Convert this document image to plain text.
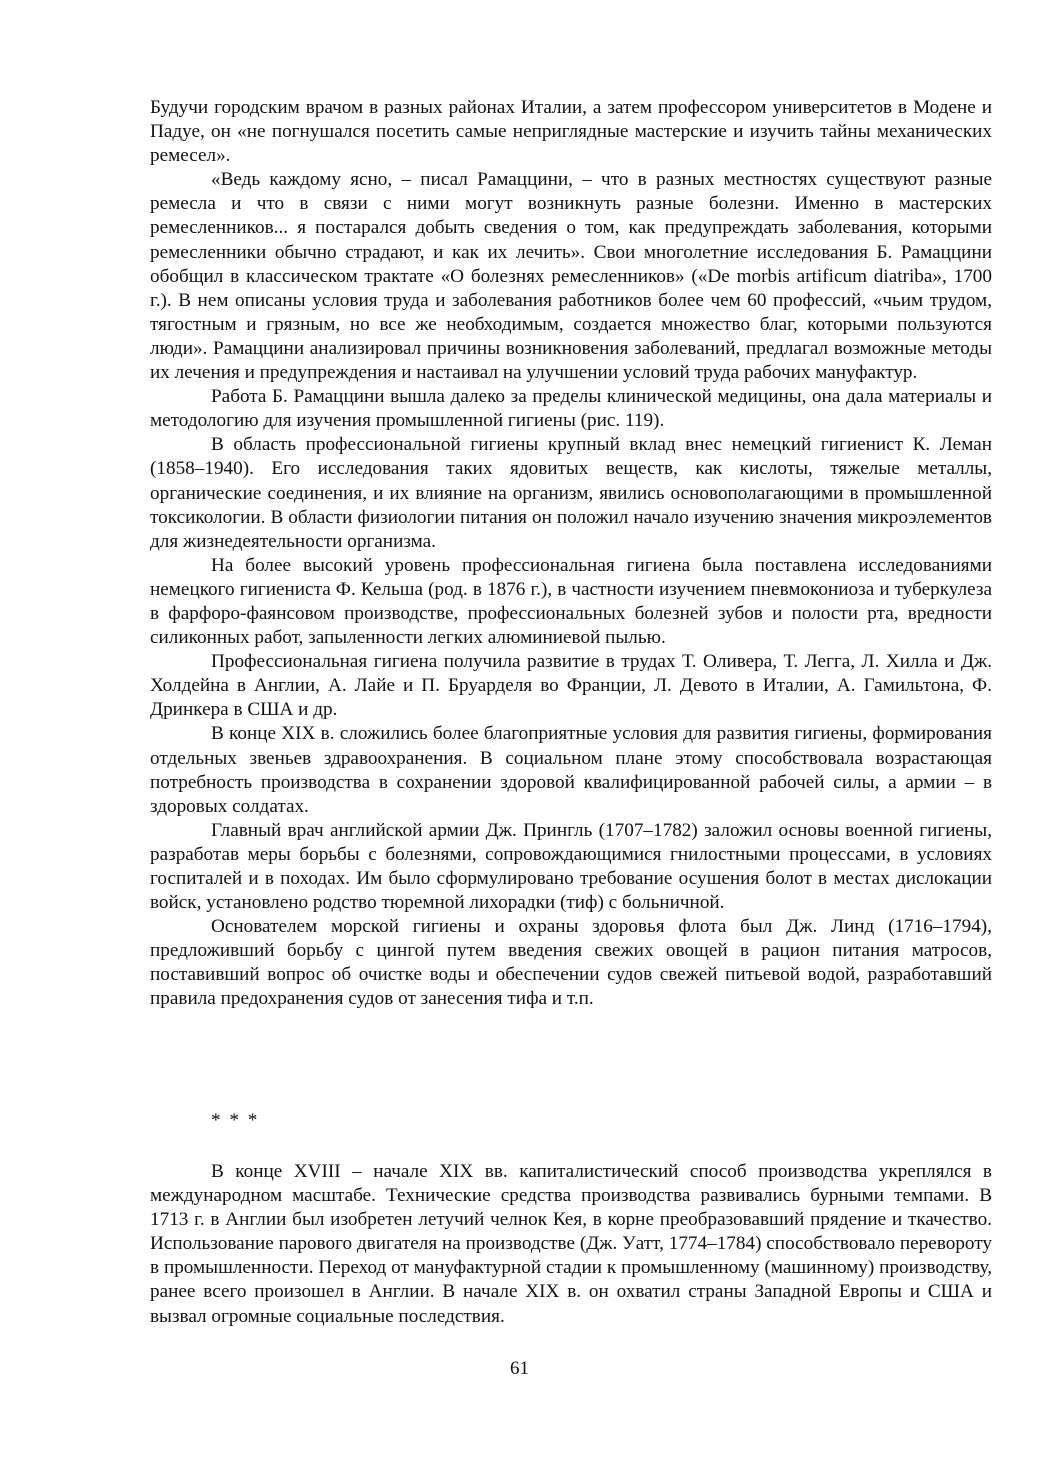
Будучи городским врачом в разных районах Италии, а затем профессором университетов в Модене и Падуе, он «не погнушался посетить самые неприглядные мастерские и изучить тайны механических ремесел».

«Ведь каждому ясно, – писал Рамаццини, – что в разных местностях существуют разные ремесла и что в связи с ними могут возникнуть разные болезни. Именно в мастерских ремесленников... я постарался добыть сведения о том, как предупреждать заболевания, которыми ремесленники обычно страдают, и как их лечить». Свои многолетние исследования Б. Рамаццини обобщил в классическом трактате «О болезнях ремесленников» («De morbis artificum diatriba», 1700 г.). В нем описаны условия труда и заболевания работников более чем 60 профессий, «чьим трудом, тягостным и грязным, но все же необходимым, создается множество благ, которыми пользуются люди». Рамаццини анализировал причины возникновения заболеваний, предлагал возможные методы их лечения и предупреждения и настаивал на улучшении условий труда рабочих мануфактур.

Работа Б. Рамаццини вышла далеко за пределы клинической медицины, она дала материалы и методологию для изучения промышленной гигиены (рис. 119).

В область профессиональной гигиены крупный вклад внес немецкий гигиенист К. Леман (1858–1940). Его исследования таких ядовитых веществ, как кислоты, тяжелые металлы, органические соединения, и их влияние на организм, явились основополагающими в промышленной токсикологии. В области физиологии питания он положил начало изучению значения микроэлементов для жизнедеятельности организма.

На более высокий уровень профессиональная гигиена была поставлена исследованиями немецкого гигиениста Ф. Кельша (род. в 1876 г.), в частности изучением пневмокониоза и туберкулеза в фарфоро-фаянсовом производстве, профессиональных болезней зубов и полости рта, вредности силиконных работ, запыленности легких алюминиевой пылью.

Профессиональная гигиена получила развитие в трудах Т. Оливера, Т. Легга, Л. Хилла и Дж. Холдейна в Англии, А. Лайе и П. Бруарделя во Франции, Л. Девото в Италии, А. Гамильтона, Ф. Дринкера в США и др.

В конце XIX в. сложились более благоприятные условия для развития гигиены, формирования отдельных звеньев здравоохранения. В социальном плане этому способствовала возрастающая потребность производства в сохранении здоровой квалифицированной рабочей силы, а армии – в здоровых солдатах.

Главный врач английской армии Дж. Прингль (1707–1782) заложил основы военной гигиены, разработав меры борьбы с болезнями, сопровождающимися гнилостными процессами, в условиях госпиталей и в походах. Им было сформулировано требование осушения болот в местах дислокации войск, установлено родство тюремной лихорадки (тиф) с больничной.

Основателем морской гигиены и охраны здоровья флота был Дж. Линд (1716–1794), предложивший борьбу с цингой путем введения свежих овощей в рацион питания матросов, поставивший вопрос об очистке воды и обеспечении судов свежей питьевой водой, разработавший правила предохранения судов от занесения тифа и т.п.

* * *

В конце XVIII – начале XIX вв. капиталистический способ производства укреплялся в международном масштабе. Технические средства производства развивались бурными темпами. В 1713 г. в Англии был изобретен летучий челнок Кея, в корне преобразовавший прядение и ткачество. Использование парового двигателя на производстве (Дж. Уатт, 1774–1784) способствовало перевороту в промышленности. Переход от мануфактурной стадии к промышленному (машинному) производству, ранее всего произошел в Англии. В начале XIX в. он охватил страны Западной Европы и США и вызвал огромные социальные последствия.

61
